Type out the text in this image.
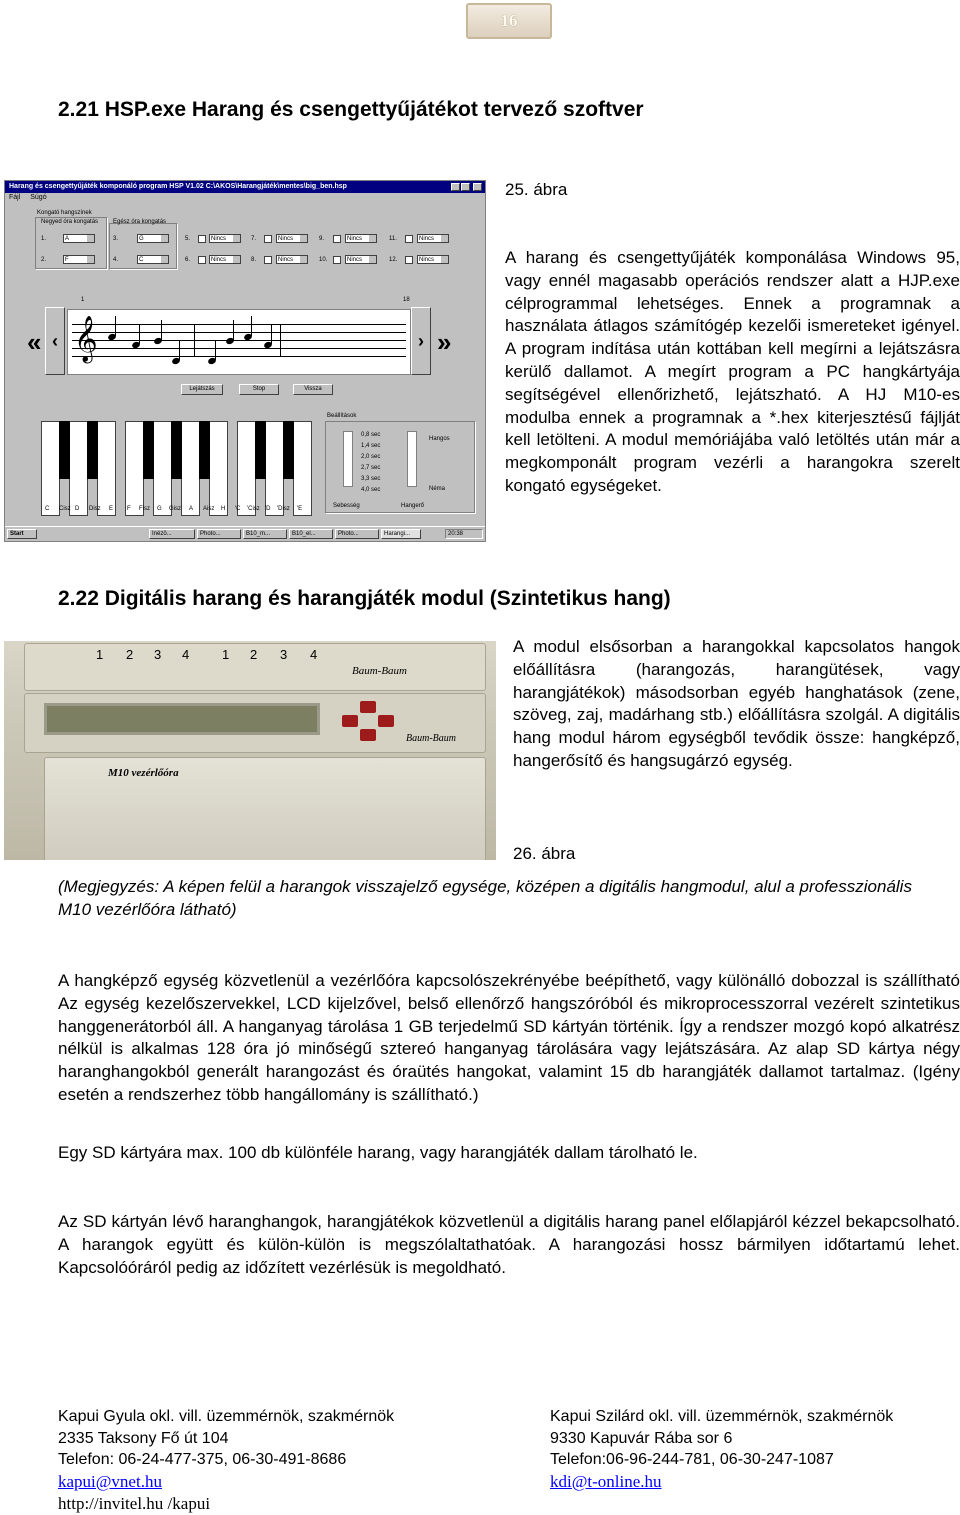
16
2.21 HSP.exe Harang és csengettyűjátékot tervező szoftver
Harang és csengettyűjáték komponáló program HSP V1.02 C:\AKOS\Harangjáték\mentes\big_ben.hsp
Fájl Súgó
Kongató hangszínek
Negyed óra kongatás Egész óra kongatás
1.	A
2.	F
3.	G
4.	C
5.	Nincs
6.	Nincs
7.	Nincs
8.	Nincs
9.	Nincs
10.	Nincs
11.	Nincs
12.	Nincs
1	18
« ‹ 𝄞	› »
Lejátszás	Stop	Vissza
C Cisz D Disz E F Fisz G Gisz A Aisz H 'C 'Cisz 'D 'Disz 'E
Beállítások
0,8 sec
1,4 sec
2,0 sec
2,7 sec
3,3 sec
4,0 sec
Hangos
Néma
Sebesség	Hangerő
Start	Inézö...	Photo...	B10_m...	B10_el...	Photo...	Harangi...	20:38
25. ábra

A harang és csengettyűjáték komponálása Windows 95, vagy ennél magasabb operációs rendszer alatt a HJP.exe célprogrammal lehetséges. Ennek a programnak a használata átlagos számítógép kezelői ismereteket igényel. A program indítása után kottában kell megírni a lejátszásra kerülő dallamot. A megírt program a PC hangkártyája segítségével ellenőrizhető, lejátszható. A HJ M10-es modulba ennek a programnak a *.hex kiterjesztésű fájlját kell letölteni. A modul memóriájába való letöltés után már a megkomponált program vezérli a harangokra szerelt kongató egységeket.

2.22 Digitális harang és harangjáték modul (Szintetikus hang)
1 2 3 4	1 2 3 4
Baum-Baum
Baum-Baum
M10 vezérlőóra

A modul elsősorban a harangokkal kapcsolatos hangok előállításra (harangozás, harangütések, vagy harangjátékok) másodsorban egyéb hanghatások (zene, szöveg, zaj, madárhang stb.) előállításra szolgál. A digitális hang modul három egységből tevődik össze: hangképző, hangerősítő és hangsugárzó egység.

26. ábra
(Megjegyzés: A képen felül a harangok visszajelző egysége, középen a digitális hangmodul, alul a professzionális M10 vezérlőóra látható)

A hangképző egység közvetlenül a vezérlőóra kapcsolószekrényébe beépíthető, vagy különálló dobozzal is szállítható Az egység kezelőszervekkel, LCD kijelzővel, belső ellenőrző hangszóróból és mikroprocesszorral vezérelt szintetikus hanggenerátorból áll. A hanganyag tárolása 1 GB terjedelmű SD kártyán történik. Így a rendszer mozgó kopó alkatrész nélkül is alkalmas 128 óra jó minőségű sztereó hanganyag tárolására vagy lejátszására. Az alap SD kártya négy haranghangokból generált harangozást és óraütés hangokat, valamint 15 db harangjáték dallamot tartalmaz. (Igény esetén a rendszerhez több hangállomány is szállítható.)

Egy SD kártyára max. 100 db különféle harang, vagy harangjáték dallam tárolható le.

Az SD kártyán lévő haranghangok, harangjátékok közvetlenül a digitális harang panel előlapjáról kézzel bekapcsolható. A harangok együtt és külön-külön is megszólaltathatóak. A harangozási hossz bármilyen időtartamú lehet. Kapcsolóóráról pedig az időzített vezérlésük is megoldható.

Kapui Gyula okl. vill. üzemmérnök, szakmérnök
2335 Taksony Fő út 104
Telefon: 06-24-477-375, 06-30-491-8686
kapui@vnet.hu
http://invitel.hu /kapui
Kapui Szilárd okl. vill. üzemmérnök, szakmérnök
9330 Kapuvár Rába sor 6
Telefon:06-96-244-781, 06-30-247-1087
kdi@t-online.hu
